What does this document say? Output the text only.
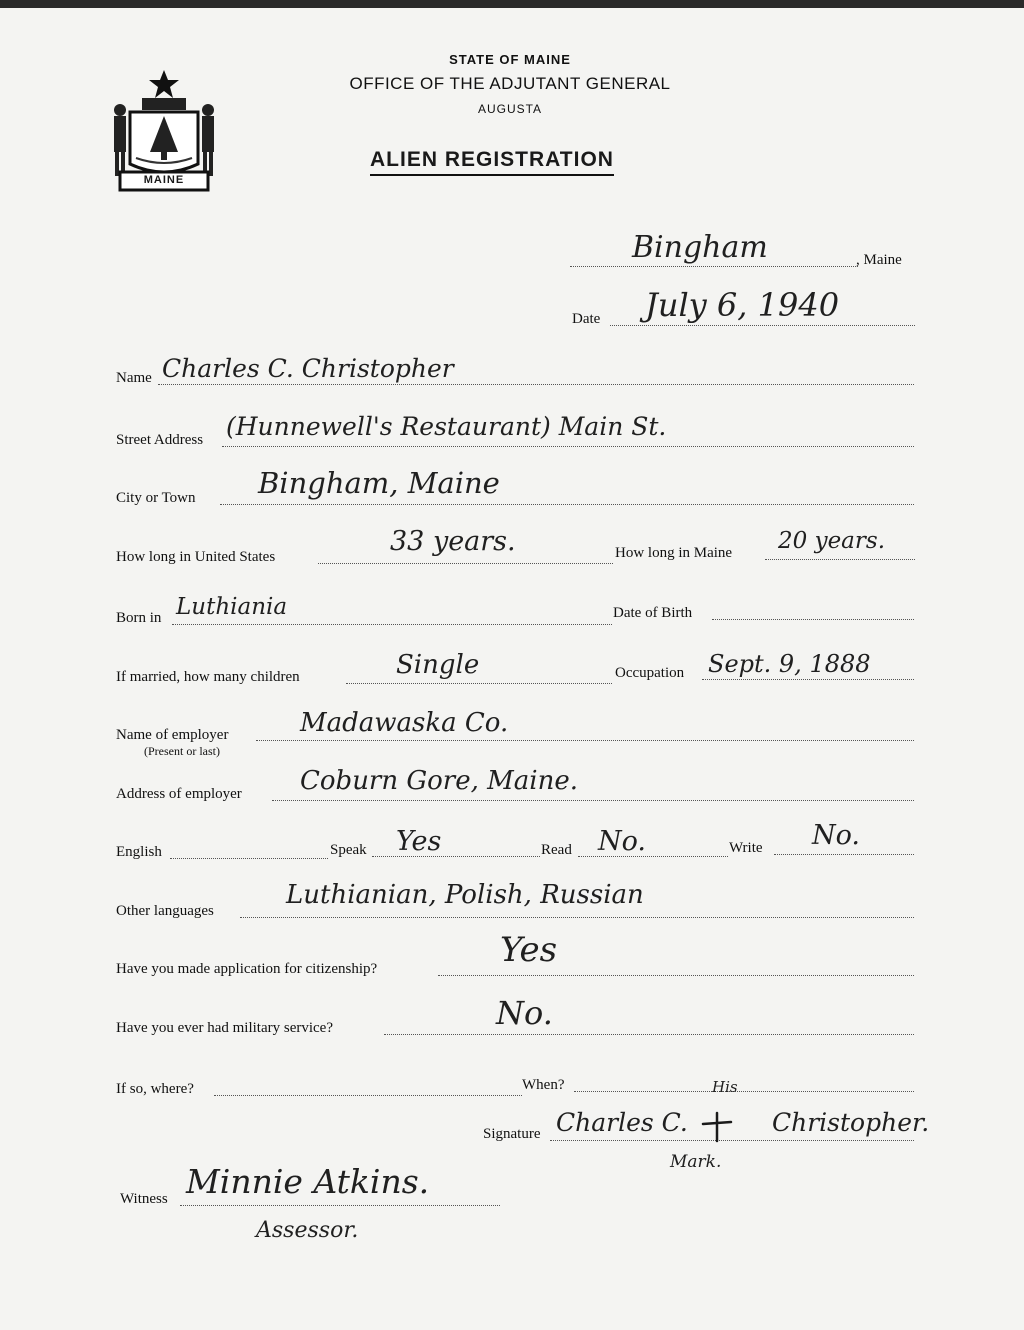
MAINE
STATE OF MAINE
OFFICE OF THE ADJUTANT GENERAL
AUGUSTA
ALIEN REGISTRATION
Bingham	, Maine
Date July 6, 1940
Name Charles C. Christopher
Street Address (Hunnewell's Restaurant) Main St.
City or Town Bingham, Maine
How long in United States	33 years.	How long in Maine 20 years.
Born in Luthiania	Date of Birth
If married, how many children	Single	Occupation Sept. 9, 1888
Name of employer
(Present or last)
Madawaska Co.
Address of employer Coburn Gore, Maine.
English	Speak Yes	Read No.	Write No.
Other languages
Luthianian, Polish, Russian
Have you made application for citizenship?	Yes
Have you ever had military service?	No.
If so, where?	When?	His
Signature Charles C.	Christopher.
Mark.
Witness Minnie Atkins.
Assessor.
